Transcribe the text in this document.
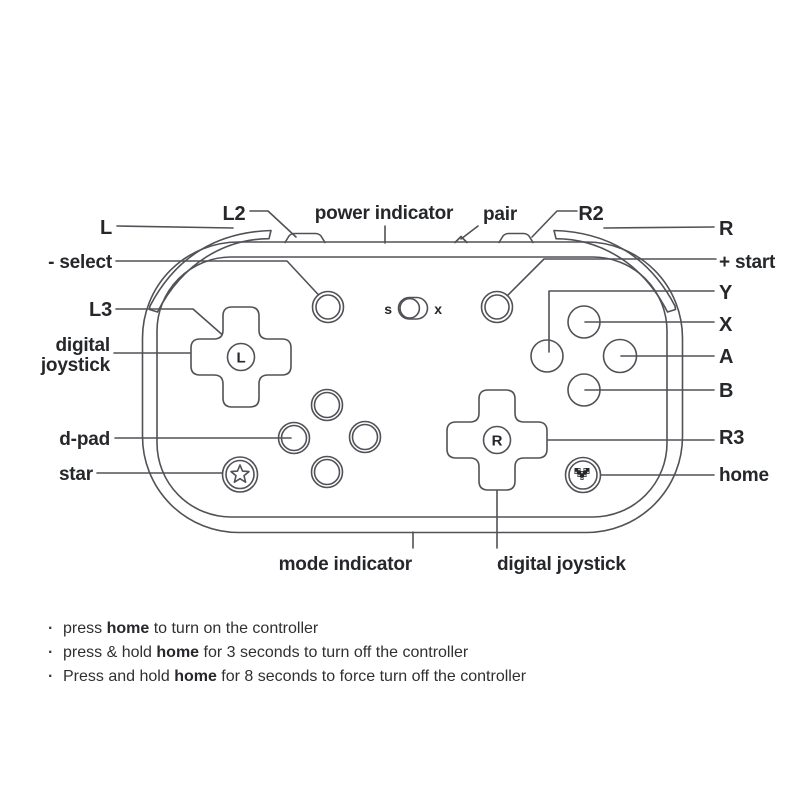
L
L2	power indicator pair	R2
R
- select	+ start
L3
digital
joystick
Y
X
A
B
d-pad	R3
star	home
mode indicator	digital joystick
s	x
L
R
· press home to turn on the controller
· press & hold home for 3 seconds to turn off the controller
· Press and hold home for 8 seconds to force turn off the controller
